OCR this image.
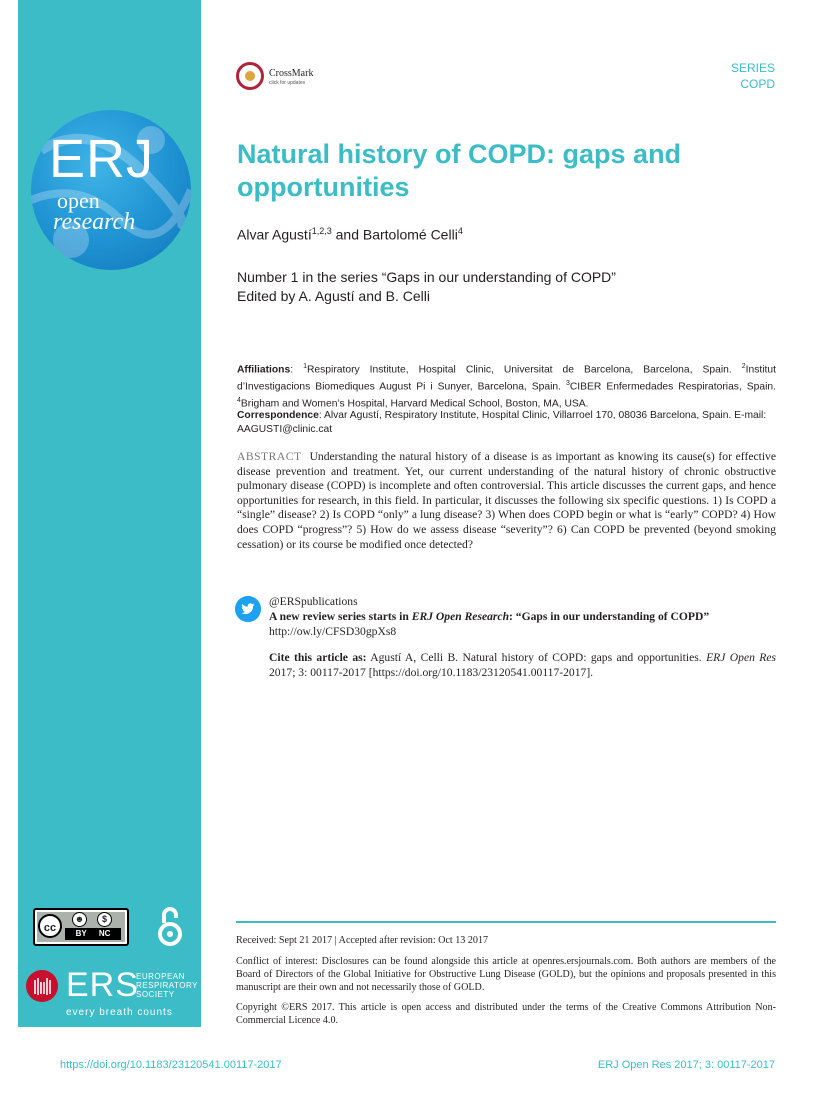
ERJ
open
research
cc
☻	$
BY NC
ERS
EUROPEAN
RESPIRATORY
SOCIETY
every breath counts
CrossMark
click for updates
SERIES
COPD
Natural history of COPD: gaps and opportunities
Alvar Agustí$^{1,2,3}$ and Bartolomé Celli$^4$
Number 1 in the series “Gaps in our understanding of COPD”
Edited by A. Agustí and B. Celli
Affiliations: $^1$Respiratory Institute, Hospital Clinic, Universitat de Barcelona, Barcelona, Spain. $^2$Institut d’Investigacions Biomediques August Pi i Sunyer, Barcelona, Spain. $^3$CIBER Enfermedades Respiratorias, Spain. $^4$Brigham and Women’s Hospital, Harvard Medical School, Boston, MA, USA.
Correspondence: Alvar Agustí, Respiratory Institute, Hospital Clinic, Villarroel 170, 08036 Barcelona, Spain. E-mail: AAGUSTI@clinic.cat
ABSTRACT Understanding the natural history of a disease is as important as knowing its cause(s) for effective disease prevention and treatment. Yet, our current understanding of the natural history of chronic obstructive pulmonary disease (COPD) is incomplete and often controversial. This article discusses the current gaps, and hence opportunities for research, in this field. In particular, it discusses the following six specific questions. 1) Is COPD a “single” disease? 2) Is COPD “only” a lung disease? 3) When does COPD begin or what is “early” COPD? 4) How does COPD “progress”? 5) How do we assess disease “severity”? 6) Can COPD be prevented (beyond smoking cessation) or its course be modified once detected?
@ERSpublications
A new review series starts in ERJ Open Research: “Gaps in our understanding of COPD”
http://ow.ly/CFSD30gpXs8
Cite this article as: Agustí A, Celli B. Natural history of COPD: gaps and opportunities. ERJ Open Res 2017; 3: 00117-2017 [https://doi.org/10.1183/23120541.00117-2017].
Received: Sept 21 2017 | Accepted after revision: Oct 13 2017
Conflict of interest: Disclosures can be found alongside this article at openres.ersjournals.com. Both authors are members of the Board of Directors of the Global Initiative for Obstructive Lung Disease (GOLD), but the opinions and proposals presented in this manuscript are their own and not necessarily those of GOLD.
Copyright ©ERS 2017. This article is open access and distributed under the terms of the Creative Commons Attribution Non-Commercial Licence 4.0.
https://doi.org/10.1183/23120541.00117-2017	ERJ Open Res 2017; 3: 00117-2017
